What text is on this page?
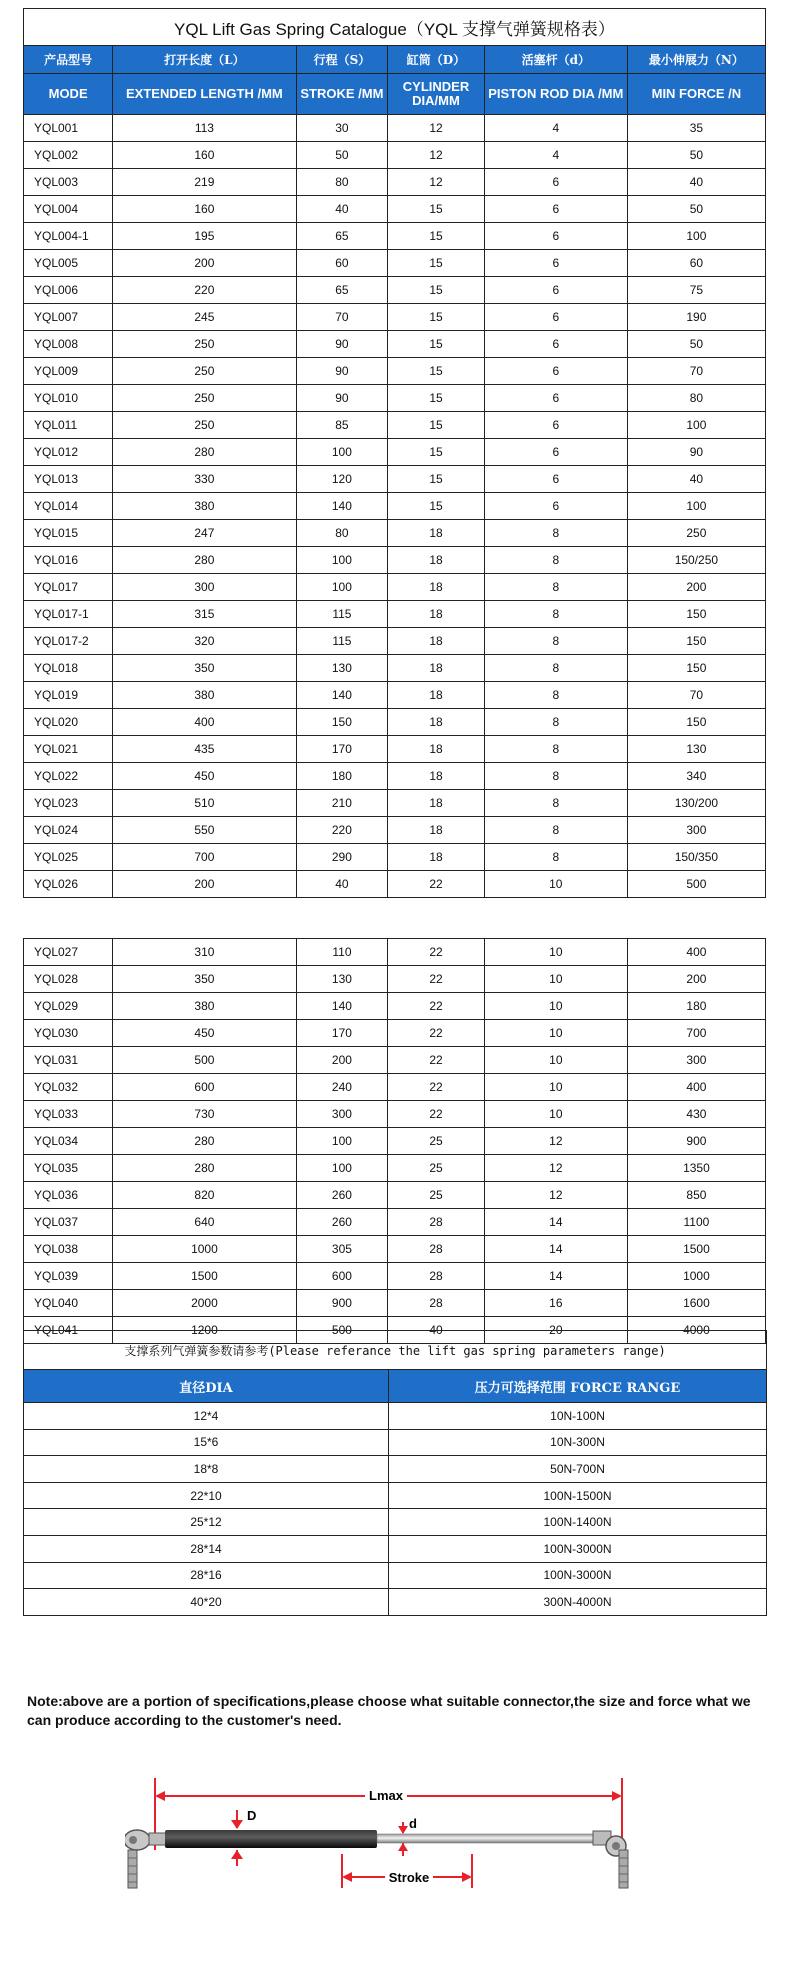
YQL Lift Gas Spring Catalogue（YQL 支撑气弹簧规格表）					
产品型号	打开长度（L）	行程（S）	缸筒（D）	活塞杆（d）	最小伸展力（N）
MODE	EXTENDED LENGTH /MM	STROKE /MM	CYLINDER DIA/MM	PISTON ROD DIA /MM	MIN FORCE /N
YQL001	113	30	12	4	35
YQL002	160	50	12	4	50
YQL003	219	80	12	6	40
YQL004	160	40	15	6	50
YQL004-1	195	65	15	6	100
YQL005	200	60	15	6	60
YQL006	220	65	15	6	75
YQL007	245	70	15	6	190
YQL008	250	90	15	6	50
YQL009	250	90	15	6	70
YQL010	250	90	15	6	80
YQL011	250	85	15	6	100
YQL012	280	100	15	6	90
YQL013	330	120	15	6	40
YQL014	380	140	15	6	100
YQL015	247	80	18	8	250
YQL016	280	100	18	8	150/250
YQL017	300	100	18	8	200
YQL017-1	315	115	18	8	150
YQL017-2	320	115	18	8	150
YQL018	350	130	18	8	150
YQL019	380	140	18	8	70
YQL020	400	150	18	8	150
YQL021	435	170	18	8	130
YQL022	450	180	18	8	340
YQL023	510	210	18	8	130/200
YQL024	550	220	18	8	300
YQL025	700	290	18	8	150/350
YQL026	200	40	22	10	500
YQL027	310	110	22	10	400
YQL028	350	130	22	10	200
YQL029	380	140	22	10	180
YQL030	450	170	22	10	700
YQL031	500	200	22	10	300
YQL032	600	240	22	10	400
YQL033	730	300	22	10	430
YQL034	280	100	25	12	900
YQL035	280	100	25	12	1350
YQL036	820	260	25	12	850
YQL037	640	260	28	14	1100
YQL038	1000	305	28	14	1500
YQL039	1500	600	28	14	1000
YQL040	2000	900	28	16	1600
YQL041	1200	500	40	20	4000
支撑系列气弹簧参数请参考(Please referance the lift gas spring parameters range)	
直径DIA	压力可选择范围 FORCE RANGE
12*4	10N-100N
15*6	10N-300N
18*8	50N-700N
22*10	100N-1500N
25*12	100N-1400N
28*14	100N-3000N
28*16	100N-3000N
40*20	300N-4000N
Note:above are a portion of specifications,please choose what suitable connector,the size and force what we can produce according to the customer's need.
Lmax
D
d
Stroke
